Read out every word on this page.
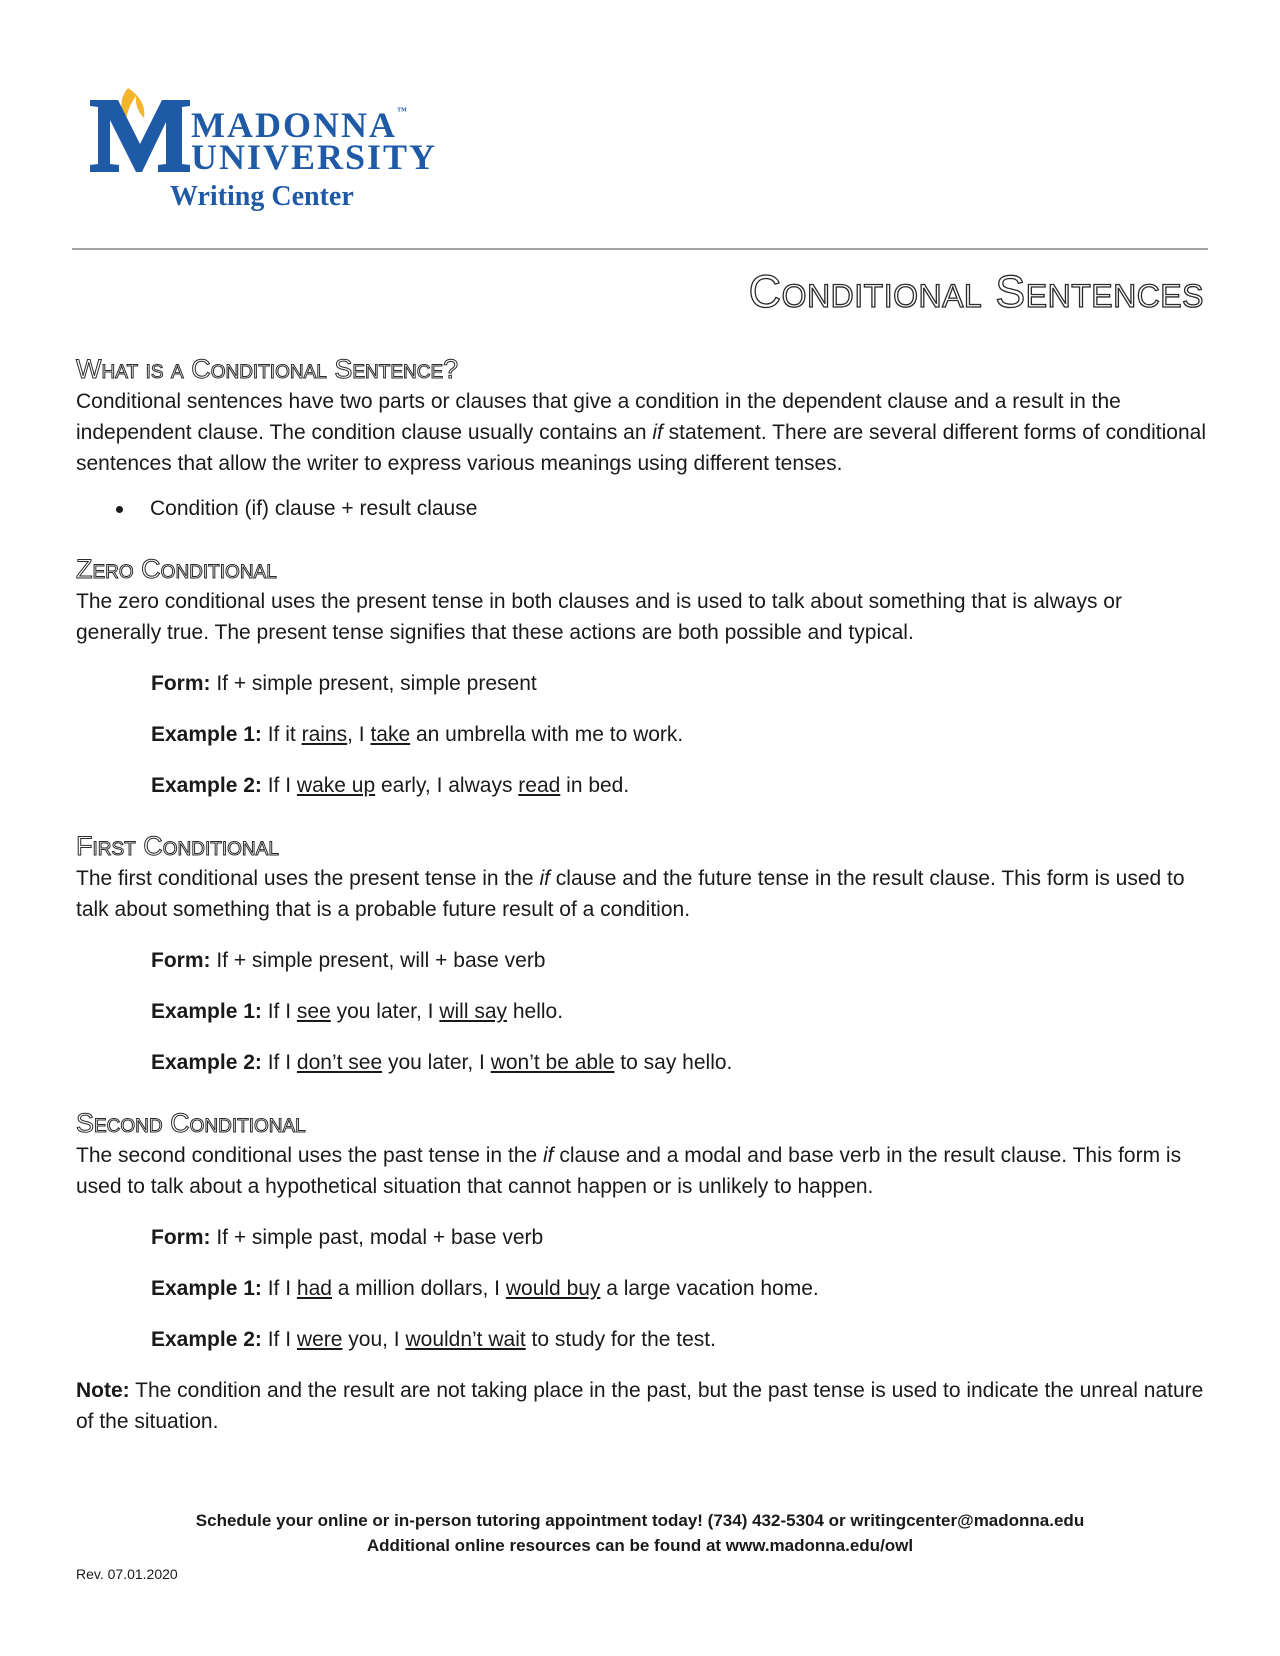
MADONNA™
UNIVERSITY
Writing Center
Conditional Sentences
What is a Conditional Sentence?

Conditional sentences have two parts or clauses that give a condition in the dependent clause and a result in the independent clause. The condition clause usually contains an if statement. There are several different forms of conditional sentences that allow the writer to express various meanings using different tenses.

Condition (if) clause + result clause
Zero Conditional

The zero conditional uses the present tense in both clauses and is used to talk about something that is always or generally true. The present tense signifies that these actions are both possible and typical.

Form: If + simple present, simple present

Example 1: If it rains, I take an umbrella with me to work.

Example 2: If I wake up early, I always read in bed.

First Conditional

The first conditional uses the present tense in the if clause and the future tense in the result clause. This form is used to talk about something that is a probable future result of a condition.

Form: If + simple present, will + base verb

Example 1: If I see you later, I will say hello.

Example 2: If I don’t see you later, I won’t be able to say hello.

Second Conditional

The second conditional uses the past tense in the if clause and a modal and base verb in the result clause. This form is used to talk about a hypothetical situation that cannot happen or is unlikely to happen.

Form: If + simple past, modal + base verb

Example 1: If I had a million dollars, I would buy a large vacation home.

Example 2: If I were you, I wouldn’t wait to study for the test.

Note: The condition and the result are not taking place in the past, but the past tense is used to indicate the unreal nature of the situation.

Schedule your online or in-person tutoring appointment today! (734) 432-5304 or writingcenter@madonna.edu
Additional online resources can be found at www.madonna.edu/owl
Rev. 07.01.2020
